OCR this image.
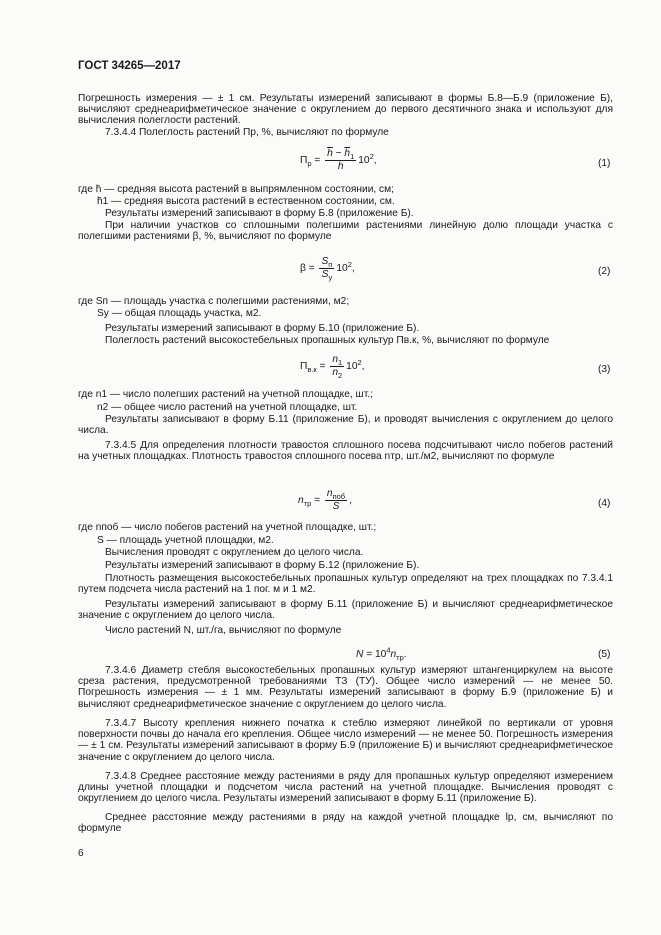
ГОСТ 34265—2017
Погрешность измерения — ± 1 см. Результаты измерений записывают в формы Б.8—Б.9 (приложение Б), вычисляют среднеарифметическое значение с округлением до первого десятичного знака и используют для вычисления полеглости растений.
7.3.4.4 Полеглость растений Пр, %, вычисляют по формуле
$П_р = \frac{\overline{h} - \overline{h}_1}{h} 10^2$,	(1)
где h̄ — средняя высота растений в выпрямленном состоянии, см;
h̄1 — средняя высота растений в естественном состоянии, см.
Результаты измерений записывают в форму Б.8 (приложение Б).
При наличии участков со сплошными полегшими растениями линейную долю площади участка с полегшими растениями β, %, вычисляют по формуле
$\beta = \frac{S_п}{S_у} 10^2$,	(2)
где Sп — площадь участка с полегшими растениями, м2;
Sу — общая площадь участка, м2.
Результаты измерений записывают в форму Б.10 (приложение Б).
Полеглость растений высокостебельных пропашных культур Пв.к, %, вычисляют по формуле
$П_{в.к} = \frac{n_1}{n_2} 10^2$,	(3)
где n1 — число полегших растений на учетной площадке, шт.;
n2 — общее число растений на учетной площадке, шт.
Результаты записывают в форму Б.11 (приложение Б), и проводят вычисления с округлением до целого числа.
7.3.4.5 Для определения плотности травостоя сплошного посева подсчитывают число побегов растений на учетных площадках. Плотность травостоя сплошного посева nтр, шт./м2, вычисляют по формуле
$n_{тр} = \frac{n_{поб}}{S}$ ,	(4)
где nпоб — число побегов растений на учетной площадке, шт.;
S — площадь учетной площадки, м2.
Вычисления проводят с округлением до целого числа.
Результаты измерений записывают в форму Б.12 (приложение Б).
Плотность размещения высокостебельных пропашных культур определяют на трех площадках по 7.3.4.1 путем подсчета числа растений на 1 пог. м и 1 м2.
Результаты измерений записывают в форму Б.11 (приложение Б) и вычисляют среднеарифметическое значение с округлением до целого числа.
Число растений N, шт./га, вычисляют по формуле
$N = 10^4n_{тр}$.	(5)
7.3.4.6 Диаметр стебля высокостебельных пропашных культур измеряют штангенциркулем на высоте среза растения, предусмотренной требованиями ТЗ (ТУ). Общее число измерений — не менее 50. Погрешность измерения — ± 1 мм. Результаты измерений записывают в форму Б.9 (приложение Б) и вычисляют среднеарифметическое значение с округлением до целого числа.
7.3.4.7 Высоту крепления нижнего початка к стеблю измеряют линейкой по вертикали от уровня поверхности почвы до начала его крепления. Общее число измерений — не менее 50. Погрешность измерения — ± 1 см. Результаты измерений записывают в форму Б.9 (приложение Б) и вычисляют среднеарифметическое значение с округлением до целого числа.
7.3.4.8 Среднее расстояние между растениями в ряду для пропашных культур определяют измерением длины учетной площадки и подсчетом числа растений на учетной площадке. Вычисления проводят с округлением до целого числа. Результаты измерений записывают в форму Б.11 (приложение Б).
Среднее расстояние между растениями в ряду на каждой учетной площадке lр, см, вычисляют по формуле
6
